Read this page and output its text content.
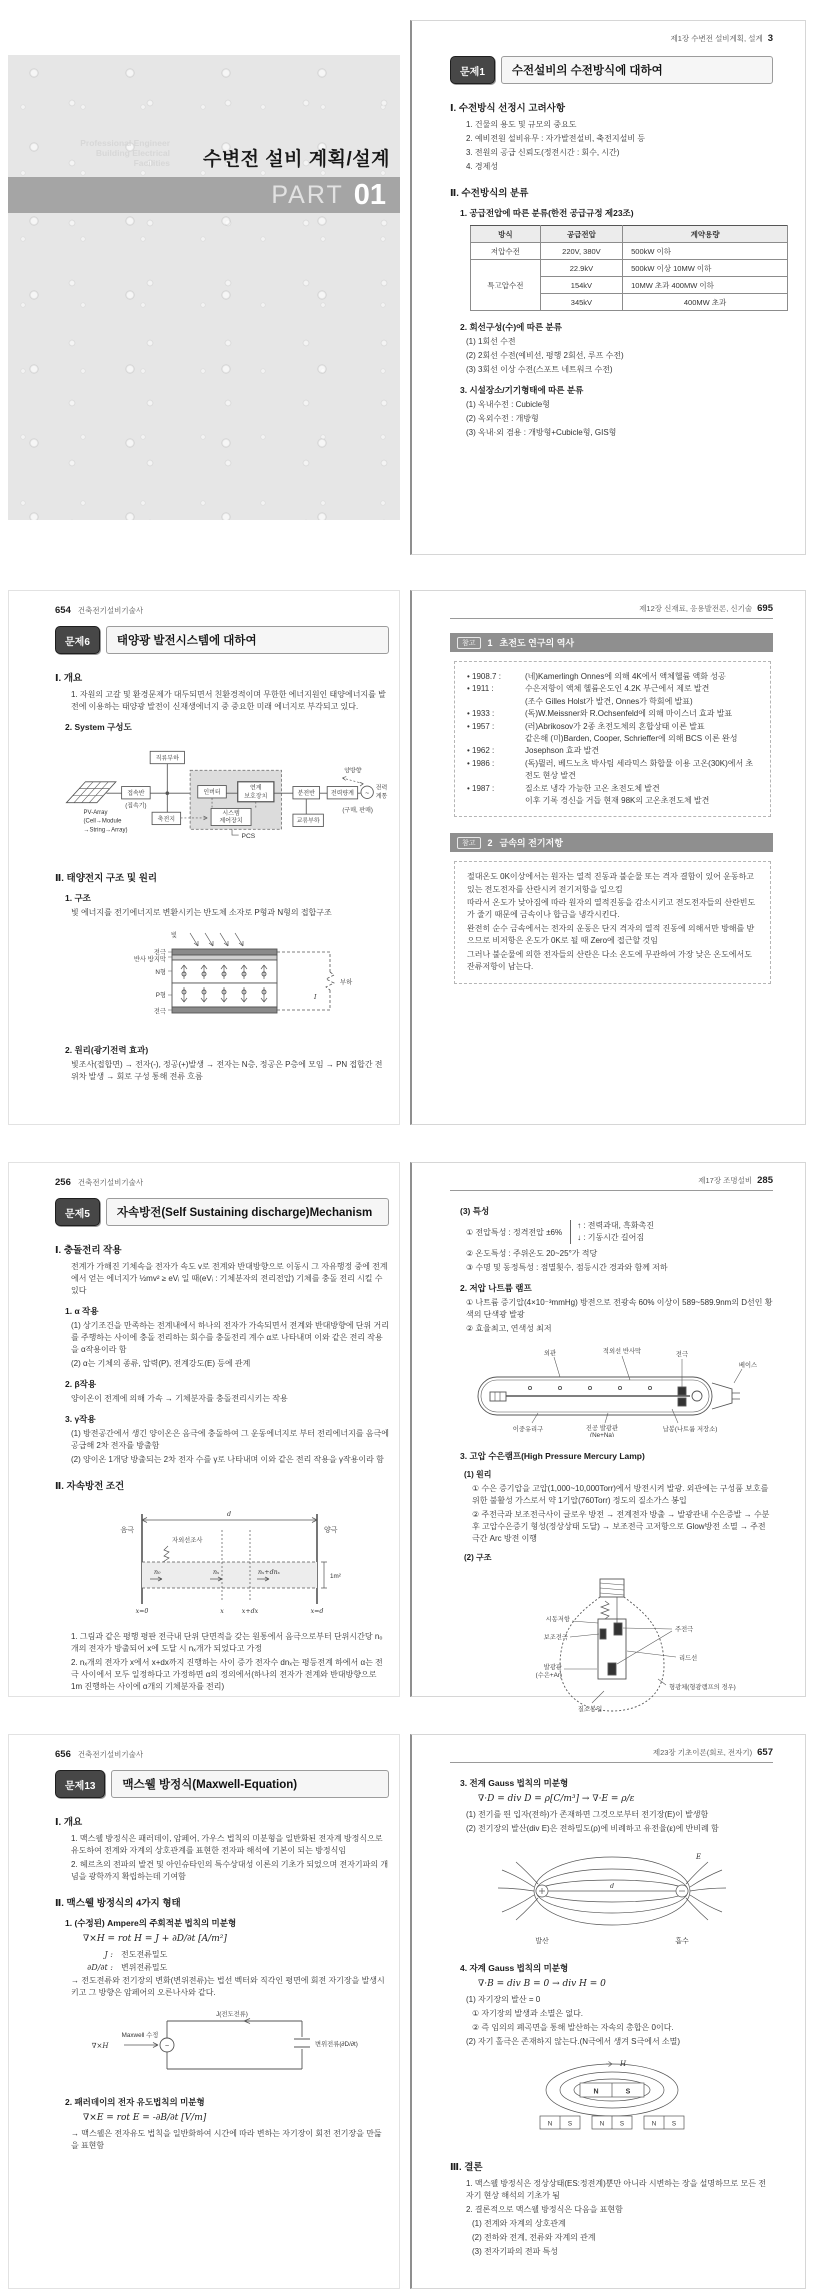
Professional Engineer
Building Electrical
Facilities 수변전 설비 계획/설계
PART 01
제1장 수변전 설비계획, 설계 3
문제1	수전설비의 수전방식에 대하여
Ⅰ. 수전방식 선정시 고려사항
1. 건물의 용도 및 규모의 중요도
2. 예비전원 설비유무 : 자가발전설비, 축전지설비 등
3. 전원의 공급 신뢰도(정전시간 : 회수, 시간)
4. 경제성
Ⅱ. 수전방식의 분류
1. 공급전압에 따른 분류(한전 공급규정 제23조)
방식	공급전압	계약용량
저압수전	220V, 380V	500kW 이하
특고압수전	22.9kV	500kW 이상 10MW 이하
	154kV	10MW 초과 400MW 이하
	345kV	400MW 초과
2. 회선구성(수)에 따른 분류
(1) 1회선 수전
(2) 2회선 수전(예비선, 평행 2회선, 루프 수전)
(3) 3회선 이상 수전(스포트 네트워크 수전)
3. 시설장소/기기형태에 따른 분류
(1) 옥내수전 : Cubicle형
(2) 옥외수전 : 개방형
(3) 옥내·외 겸용 : 개방형+Cubicle형, GIS형
654 건축전기설비기술사
문제6	태양광 발전시스템에 대하여
Ⅰ. 개요
1. 자원의 고갈 및 환경문제가 대두되면서 친환경적이며 무한한 에너지원인 태양에너지를 발전에 이용하는 태양광 발전이 신재생에너지 중 중요한 미래 에너지로 부각되고 있다.
2. System 구성도
직류부하
PV-Array
(Cell→Module
→String→Array)
접속반
(집속기)
축전지
인버터
연계
보호장치
시스템
제어장치
PCS
분전반	전력량계
양방향
(구매, 판매)
전력
계통
~
교류부하
Ⅱ. 태양전지 구조 및 원리
1. 구조
빛 에너지를 전기에너지로 변환시키는 반도체 소자로 P형과 N형의 접합구조
빛
전극
반사 방지막
N형
P형
전극
부하
I
2. 원리(광기전력 효과)
빛조사(접합면) → 전자(-), 정공(+)발생 → 전자는 N층, 정공은 P층에 모임 → PN 접합간 전위차 발생 → 회로 구성 통해 전류 흐름
제12장 신재료, 응용발전론, 신기술 695
참고	1 초전도 연구의 역사
• 1908.7 :	(네)Kamerlingh Onnes에 의해 4K에서 액체헬륨 액화 성공
• 1911 :	수은저항이 액체 헬륨온도인 4.2K 부근에서 제로 발견
(조수 Gilles Holst가 발견, Onnes가 학회에 발표)
• 1933 :	(독)W.Meissner와 R.Ochsenfeld에 의해 마이스너 효과 발표
• 1957 :	(러)Abrikosov가 2종 초전도체의 혼합상태 이론 발표
같은해 (미)Barden, Cooper, Schrieffer에 의해 BCS 이론 완성
• 1962 :	Josephson 효과 발견
• 1986 :	(독)뮐러, 베드노츠 박사팀 세라믹스 화합물 이용 고온(30K)에서 초전도 현상 발견
• 1987 :	질소로 냉각 가능한 고온 초전도체 발견
이후 기록 경신을 거듭 현재 98K의 고온초전도체 발견
참고	2 금속의 전기저항
절대온도 0K이상에서는 원자는 열적 진동과 불순물 또는 격자 결함이 있어 운동하고 있는 전도전자를 산란시켜 전기저항을 일으킴
따라서 온도가 낮아짐에 따라 원자의 열적진동을 감소시키고 전도전자들의 산란빈도가 줄기 때문에 금속이나 합금을 냉각시킨다.
완전히 순수 금속에서는 전자의 운동은 단지 격자의 열적 진동에 의해서만 방해를 받으므로 비저항은 온도가 0K로 될 때 Zero에 접근할 것임
그러나 불순물에 의한 전자들의 산란은 다소 온도에 무관하여 가장 낮은 온도에서도 잔류저항이 남는다.
256 건축전기설비기술사
문제5	자속방전(Self Sustaining discharge)Mechanism
Ⅰ. 충돌전리 작용
전계가 가해진 기체속을 전자가 속도 v로 전계와 반대방향으로 이동시 그 자유행정 중에 전계에서 얻는 에너지가 ½mv² ≥ eVᵢ 일 때(eVᵢ : 기체분자의 전리전압) 기체를 충돌 전리 시킬 수 있다
1. α 작용
(1) 상기조건을 만족하는 전계내에서 하나의 전자가 가속되면서 전계와 반대방향에 단위 거리를 주행하는 사이에 충돌 전리하는 회수를 충돌전리 계수 α로 나타내며 이와 같은 전리 작용을 α작용이라 함
(2) α는 기체의 종류, 압력(P), 전계강도(E) 등에 관계
2. β작용
양이온이 전계에 의해 가속 → 기체분자를 충돌전리시키는 작용
3. γ작용
(1) 방전공간에서 생긴 양이온은 음극에 충돌하여 그 운동에너지로 부터 전리에너지를 음극에 공급해 2차 전자를 방출함
(2) 양이온 1개당 방출되는 2차 전자 수를 γ로 나타내며 이와 같은 전리 작용을 γ작용이라 함
Ⅱ. 자속방전 조건
d
음극	양극
자외선조사
1m²
n₀	nₓ	nₓ+dnₓ
x=0	x	x+dx	x=d
1. 그림과 같은 평행 평판 전극내 단위 단면적을 갖는 원통에서 음극으로부터 단위시간당 n₀개의 전자가 방출되어 x에 도달 시 nₓ개가 되었다고 가정
2. nₓ개의 전자가 x에서 x+dx까지 진행하는 사이 증가 전자수 dnₓ는 평등전계 하에서 α는 전극 사이에서 모두 일정하다고 가정하면 α의 정의에서(하나의 전자가 전계와 반대방향으로 1m 진행하는 사이에 α개의 기체분자를 전리)
제17장 조명설비 285
(3) 특성
① 전압특성 : 정격전압 ±6%
↑ : 전력과대, 흑화촉진
↓ : 기동시간 길어짐
② 온도특성 : 주위온도 20~25°가 적당
③ 수명 및 동정특성 : 점멸횟수, 점등시간 경과와 함께 저하
2. 저압 나트륨 램프
① 나트륨 증기압(4×10⁻³mmHg) 방전으로 전광속 60% 이상이 589~589.9nm의 D선인 황색의 단색광 발광
② 효율최고, 연색성 최저
외관	적외선 반사막	전극
베이스
이중유리구	진공 발광관
(Ne+Na)
납봉(나트륨 저장소)
3. 고압 수은램프(High Pressure Mercury Lamp)
(1) 원리
① 수은 증기압을 고압(1,000~10,000Torr)에서 방전시켜 발광. 외관에는 구성품 보호를 위한 불활성 가스로서 약 1기압(760Torr) 정도의 질소가스 봉입
② 주전극과 보조전극사이 글로우 방전 → 전계전자 방출 → 발광관내 수은증발 → 수분 후 고압수은증기 형성(정상상태 도달) → 보조전극 고저항으로 Glow방전 소멸 → 주전극간 Arc 방전 이행
(2) 구조
시동저항
보조전극
발광관
(수은+Ar)
질소봉입
주전극
리드선
형광체(형광램프의 경우)
656 건축전기설비기술사
문제13	맥스웰 방정식(Maxwell-Equation)
Ⅰ. 개요
1. 맥스웰 방정식은 패러데이, 암페어, 가우스 법칙의 미분형을 일반화된 전자계 방정식으로 유도하여 전계와 자계의 상호관계를 표현한 전자파 해석에 기본이 되는 방정식임
2. 헤르츠의 전파의 발견 및 아인슈타인의 특수상대성 이론의 기초가 되었으며 전자기파의 개념을 광학까지 확립하는데 기여함
Ⅱ. 맥스웰 방정식의 4가지 형태
1. (수정된) Ampere의 주회적분 법칙의 미분형
∇×H = rot H = J + ∂D/∂t [A/m²]
J : 전도전류밀도
∂D/∂t : 변위전류밀도
→ 전도전류와 전기장의 변화(변위전류)는 법선 벡터와 직각인 평면에 회전 자기장을 발생시키고 그 방향은 암페어의 오른나사와 같다.
∇×H
Maxwell 수정
J(전도전류)
변위전류(∂D/∂t)
~
2. 패러데이의 전자 유도법칙의 미분형
∇×E = rot E = -∂B/∂t [V/m]
→ 맥스웰은 전자유도 법칙을 일반화하여 시간에 따라 변하는 자기장이 회전 전기장을 만듦을 표현함
제23장 기초이론(회로, 전자기) 657
3. 전계 Gauss 법칙의 미분형
∇·D = div D = ρ[C/m³] → ∇·E = ρ/ε
(1) 전기를 띈 입자(전하)가 존재하면 그것으로부터 전기장(E)이 발생함
(2) 전기장의 발산(div E)은 전하밀도(ρ)에 비례하고 유전율(ε)에 반비례 함
E
d
발산	흡수
4. 자계 Gauss 법칙의 미분형
∇·B = div B = 0 → div H = 0
(1) 자기장의 발산 = 0
① 자기장의 발생과 소멸은 없다.
② 즉 임의의 폐곡면을 통해 발산하는 자속의 총합은 0이다.
(2) 자기 홀극은 존재하지 않는다.(N극에서 생겨 S극에서 소멸)
H
N	S
N S	N S	N S
Ⅲ. 결론
1. 맥스웰 방정식은 정상상태(ES:정전계)뿐만 아니라 시변하는 장을 설명하므로 모든 전자기 현상 해석의 기초가 됨
2. 결론적으로 맥스웰 방정식은 다음을 표현함
(1) 전계와 자계의 상호관계
(2) 전하와 전계, 전류와 자계의 관계
(3) 전자기파의 전파 특성
